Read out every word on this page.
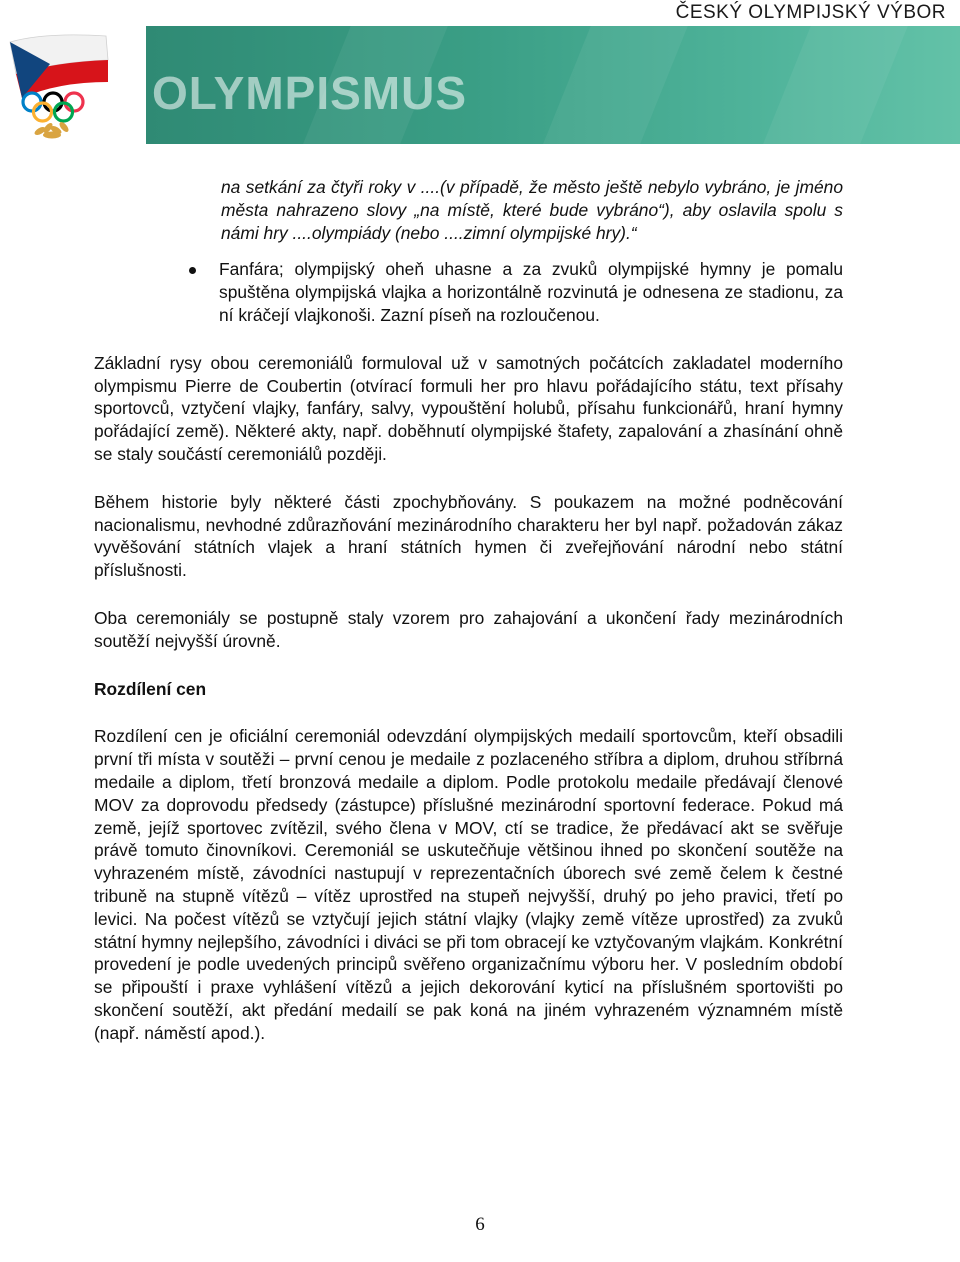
ČESKÝ OLYMPIJSKÝ VÝBOR
OLYMPISMUS

na setkání za čtyři roky v ....(v případě, že město ještě nebylo vybráno, je jméno města nahrazeno slovy „na místě, které bude vybráno“), aby oslavila spolu s námi hry ....olympiády (nebo ....zimní olympijské hry).“

Fanfára; olympijský oheň uhasne a za zvuků olympijské hymny je pomalu spuštěna olympijská vlajka a horizontálně rozvinutá je odnesena ze stadionu, za ní kráčejí vlajkonoši. Zazní píseň na rozloučenou.

Základní rysy obou ceremoniálů formuloval už v samotných počátcích zakladatel moderního olympismu Pierre de Coubertin (otvírací formuli her pro hlavu pořádajícího státu, text přísahy sportovců, vztyčení vlajky, fanfáry, salvy, vypouštění holubů, přísahu funkcionářů, hraní hymny pořádající země). Některé akty, např. doběhnutí olympijské štafety, zapalování a zhasínání ohně se staly součástí ceremoniálů později.

Během historie byly některé části zpochybňovány. S poukazem na možné podněcování nacionalismu, nevhodné zdůrazňování mezinárodního charakteru her byl např. požadován zákaz vyvěšování státních vlajek a hraní státních hymen či zveřejňování národní nebo státní příslušnosti.

Oba ceremoniály se postupně staly vzorem pro zahajování a ukončení řady mezinárodních soutěží nejvyšší úrovně.

Rozdílení cen

Rozdílení cen je oficiální ceremoniál odevzdání olympijských medailí sportovcům, kteří obsadili první tři místa v soutěži – první cenou je medaile z pozlaceného stříbra a diplom, druhou stříbrná medaile a diplom, třetí bronzová medaile a diplom. Podle protokolu medaile předávají členové MOV za doprovodu předsedy (zástupce) příslušné mezinárodní sportovní federace. Pokud má země, jejíž sportovec zvítězil, svého člena v MOV, ctí se tradice, že předávací akt se svěřuje právě tomuto činovníkovi. Ceremoniál se uskutečňuje většinou ihned po skončení soutěže na vyhrazeném místě, závodníci nastupují v reprezentačních úborech své země čelem k čestné tribuně na stupně vítězů – vítěz uprostřed na stupeň nejvyšší, druhý po jeho pravici, třetí po levici. Na počest vítězů se vztyčují jejich státní vlajky (vlajky země vítěze uprostřed) za zvuků státní hymny nejlepšího, závodníci i diváci se při tom obracejí ke vztyčovaným vlajkám. Konkrétní provedení je podle uvedených principů svěřeno organizačnímu výboru her. V posledním období se připouští i praxe vyhlášení vítězů a jejich dekorování kyticí na příslušném sportovišti po skončení soutěží, akt předání medailí se pak koná na jiném vyhrazeném významném místě (např. náměstí apod.).

6
